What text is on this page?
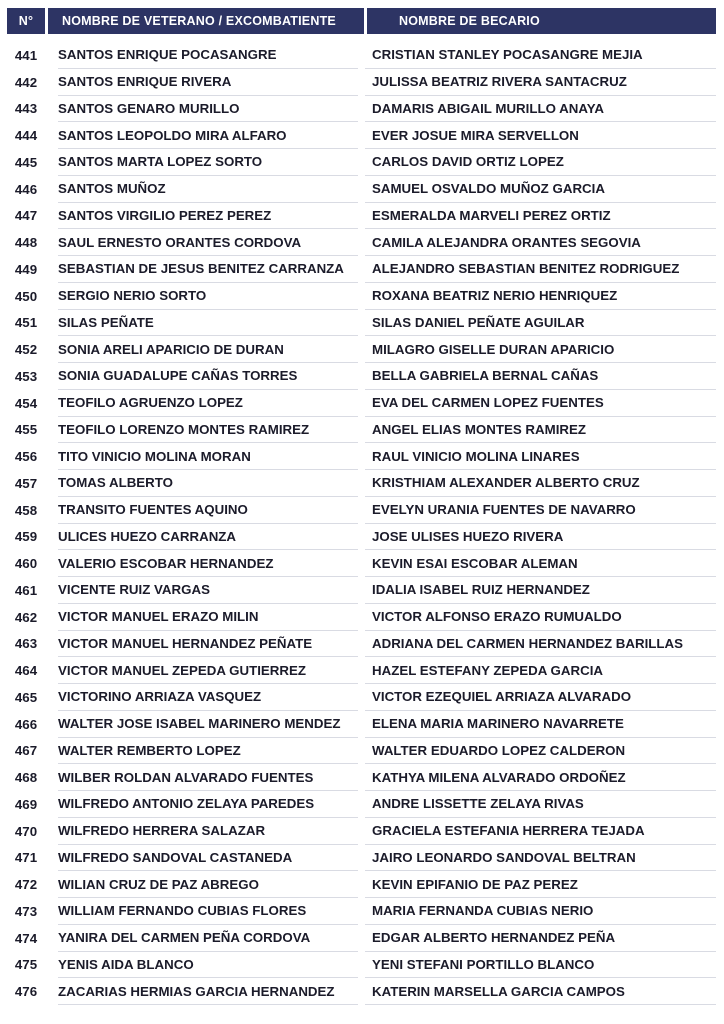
N°	NOMBRE DE VETERANO / EXCOMBATIENTE	NOMBRE DE BECARIO
441	SANTOS ENRIQUE POCASANGRE	CRISTIAN STANLEY POCASANGRE MEJIA
442	SANTOS ENRIQUE RIVERA	JULISSA BEATRIZ RIVERA SANTACRUZ
443	SANTOS GENARO MURILLO	DAMARIS ABIGAIL MURILLO ANAYA
444	SANTOS LEOPOLDO MIRA ALFARO	EVER JOSUE MIRA SERVELLON
445	SANTOS MARTA LOPEZ SORTO	CARLOS DAVID ORTIZ LOPEZ
446	SANTOS MUÑOZ	SAMUEL OSVALDO MUÑOZ GARCIA
447	SANTOS VIRGILIO PEREZ PEREZ	ESMERALDA MARVELI PEREZ ORTIZ
448	SAUL ERNESTO ORANTES CORDOVA	CAMILA ALEJANDRA ORANTES SEGOVIA
449	SEBASTIAN DE JESUS BENITEZ CARRANZA	ALEJANDRO SEBASTIAN BENITEZ RODRIGUEZ
450	SERGIO NERIO SORTO	ROXANA BEATRIZ NERIO HENRIQUEZ
451	SILAS PEÑATE	SILAS DANIEL PEÑATE AGUILAR
452	SONIA ARELI APARICIO DE DURAN	MILAGRO GISELLE DURAN APARICIO
453	SONIA GUADALUPE CAÑAS TORRES	BELLA GABRIELA BERNAL CAÑAS
454	TEOFILO AGRUENZO LOPEZ	EVA DEL CARMEN LOPEZ FUENTES
455	TEOFILO LORENZO MONTES RAMIREZ	ANGEL ELIAS MONTES RAMIREZ
456	TITO VINICIO MOLINA MORAN	RAUL VINICIO MOLINA LINARES
457	TOMAS ALBERTO	KRISTHIAM ALEXANDER ALBERTO CRUZ
458	TRANSITO FUENTES AQUINO	EVELYN URANIA FUENTES DE NAVARRO
459	ULICES HUEZO CARRANZA	JOSE ULISES HUEZO RIVERA
460	VALERIO ESCOBAR HERNANDEZ	KEVIN ESAI ESCOBAR ALEMAN
461	VICENTE RUIZ VARGAS	IDALIA ISABEL RUIZ HERNANDEZ
462	VICTOR MANUEL ERAZO MILIN	VICTOR ALFONSO ERAZO RUMUALDO
463	VICTOR MANUEL HERNANDEZ PEÑATE	ADRIANA DEL CARMEN HERNANDEZ BARILLAS
464	VICTOR MANUEL ZEPEDA GUTIERREZ	HAZEL ESTEFANY ZEPEDA GARCIA
465	VICTORINO ARRIAZA VASQUEZ	VICTOR EZEQUIEL ARRIAZA ALVARADO
466	WALTER JOSE ISABEL MARINERO MENDEZ	ELENA MARIA MARINERO NAVARRETE
467	WALTER REMBERTO LOPEZ	WALTER EDUARDO LOPEZ CALDERON
468	WILBER ROLDAN ALVARADO FUENTES	KATHYA MILENA ALVARADO ORDOÑEZ
469	WILFREDO ANTONIO ZELAYA PAREDES	ANDRE LISSETTE ZELAYA RIVAS
470	WILFREDO HERRERA SALAZAR	GRACIELA ESTEFANIA HERRERA TEJADA
471	WILFREDO SANDOVAL CASTANEDA	JAIRO LEONARDO SANDOVAL BELTRAN
472	WILIAN CRUZ DE PAZ ABREGO	KEVIN EPIFANIO DE PAZ PEREZ
473	WILLIAM FERNANDO CUBIAS FLORES	MARIA FERNANDA CUBIAS NERIO
474	YANIRA DEL CARMEN PEÑA CORDOVA	EDGAR ALBERTO HERNANDEZ PEÑA
475	YENIS AIDA BLANCO	YENI STEFANI PORTILLO BLANCO
476	ZACARIAS HERMIAS GARCIA HERNANDEZ	KATERIN MARSELLA GARCIA CAMPOS
